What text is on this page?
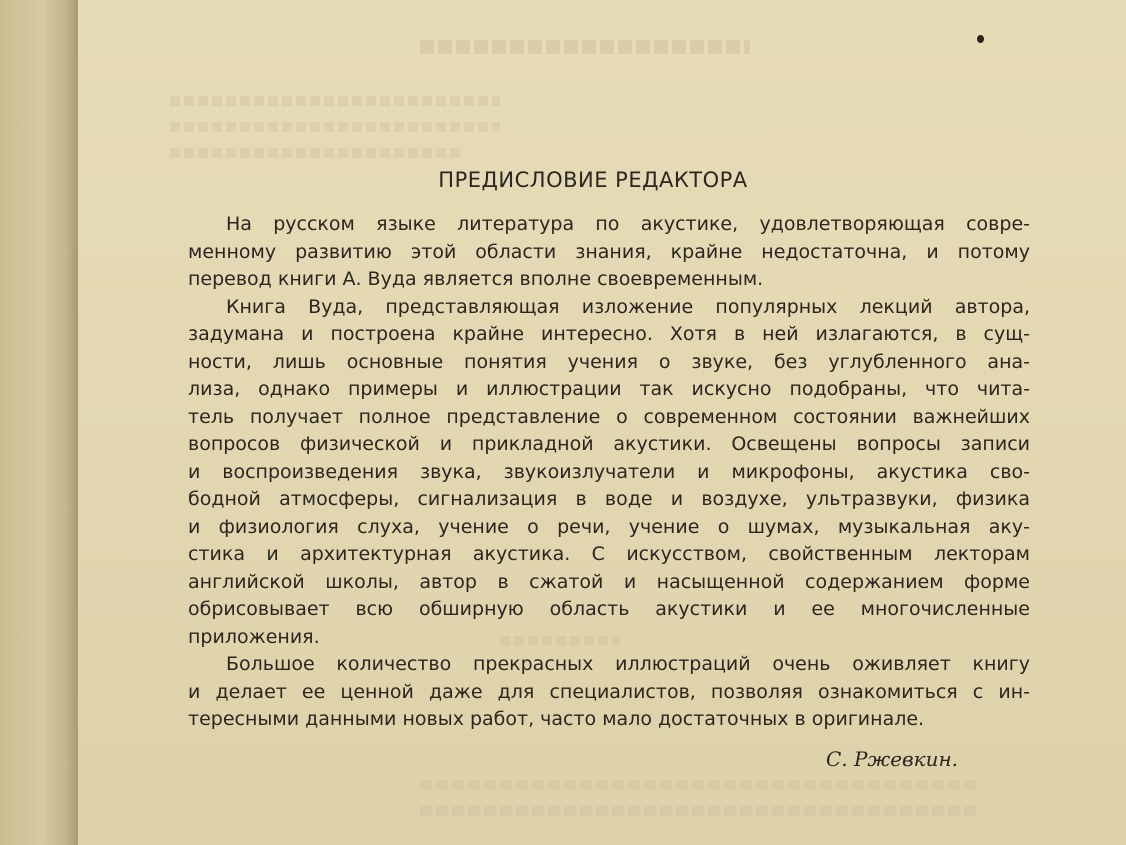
ПРЕДИСЛОВИЕ РЕДАКТОРА
На русском языке литература по акустике, удовлетворяющая совре-
менному развитию этой области знания, крайне недостаточна, и потому
перевод книги А. Вуда является вполне своевременным.
Книга Вуда, представляющая изложение популярных лекций автора,
задумана и построена крайне интересно. Хотя в ней излагаются, в сущ-
ности, лишь основные понятия учения о звуке, без углубленного ана-
лиза, однако примеры и иллюстрации так искусно подобраны, что чита-
тель получает полное представление о современном состоянии важнейших
вопросов физической и прикладной акустики. Освещены вопросы записи
и воспроизведения звука, звукоизлучатели и микрофоны, акустика сво-
бодной атмосферы, сигнализация в воде и воздухе, ультразвуки, физика
и физиология слуха, учение о речи, учение о шумах, музыкальная аку-
стика и архитектурная акустика. С искусством, свойственным лекторам
английской школы, автор в сжатой и насыщенной содержанием форме
обрисовывает всю обширную область акустики и ее многочисленные
приложения.
Большое количество прекрасных иллюстраций очень оживляет книгу
и делает ее ценной даже для специалистов, позволяя ознакомиться с ин-
тересными данными новых работ, часто мало достаточных в оригинале.
С. Ржевкин.
